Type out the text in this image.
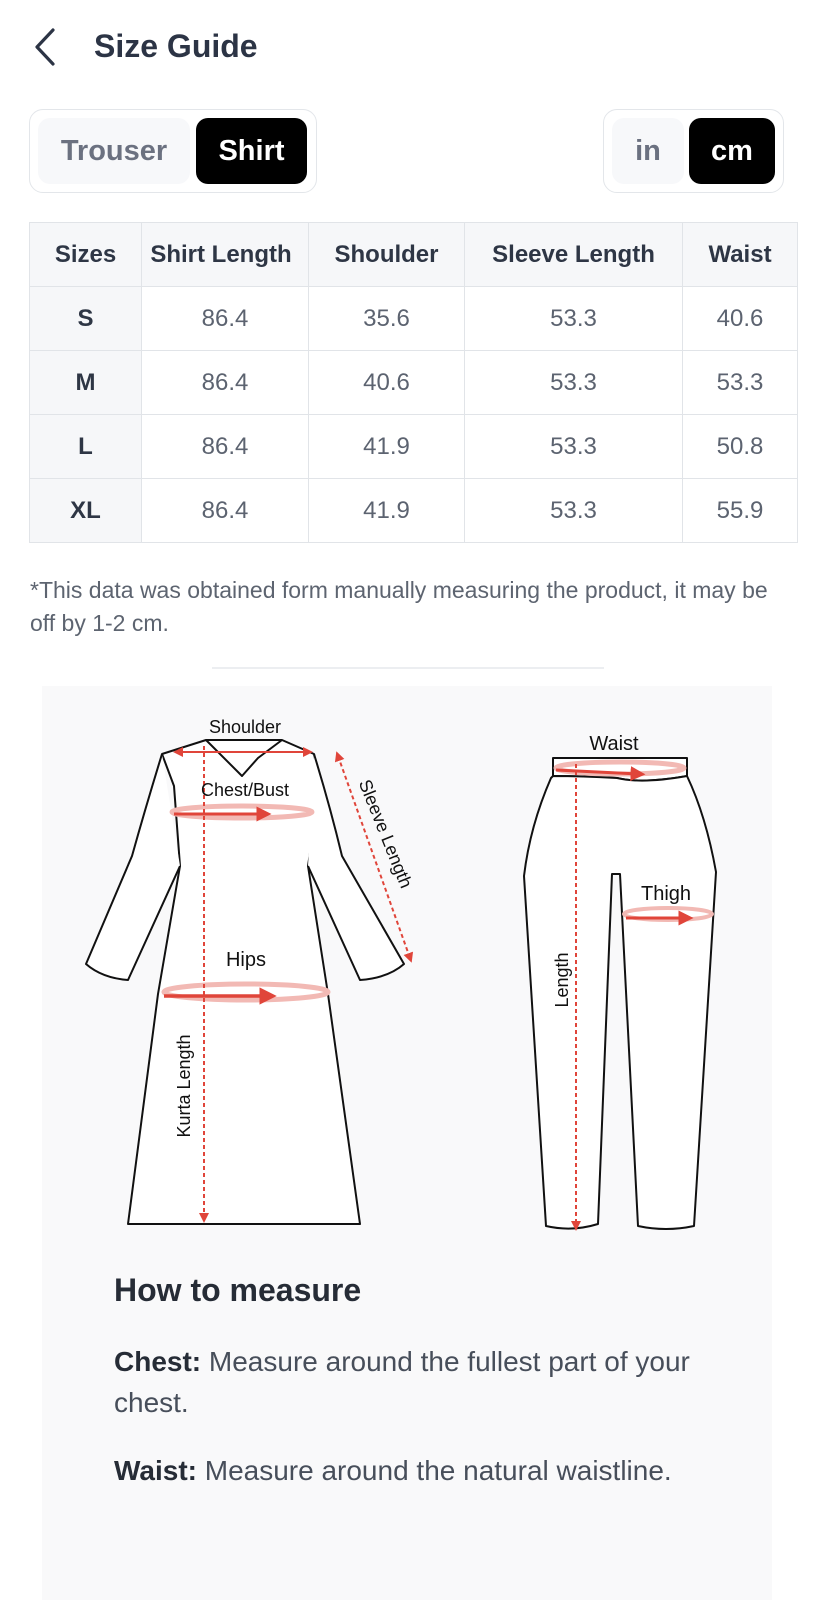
Size Guide
Trouser	Shirt	in	cm
Sizes	Shirt Length	Shoulder	Sleeve Length	Waist
S	86.4	35.6	53.3	40.6
M	86.4	40.6	53.3	53.3
L	86.4	41.9	53.3	50.8
XL	86.4	41.9	53.3	55.9
*This data was obtained form manually measuring the product, it may be off by 1-2 cm.
Shoulder
Chest/Bust	Sleeve Length
Hips
Kurta Length
Waist
Thigh
Length
How to measure
Chest: Measure around the fullest part of your chest.
Waist: Measure around the natural waistline.
